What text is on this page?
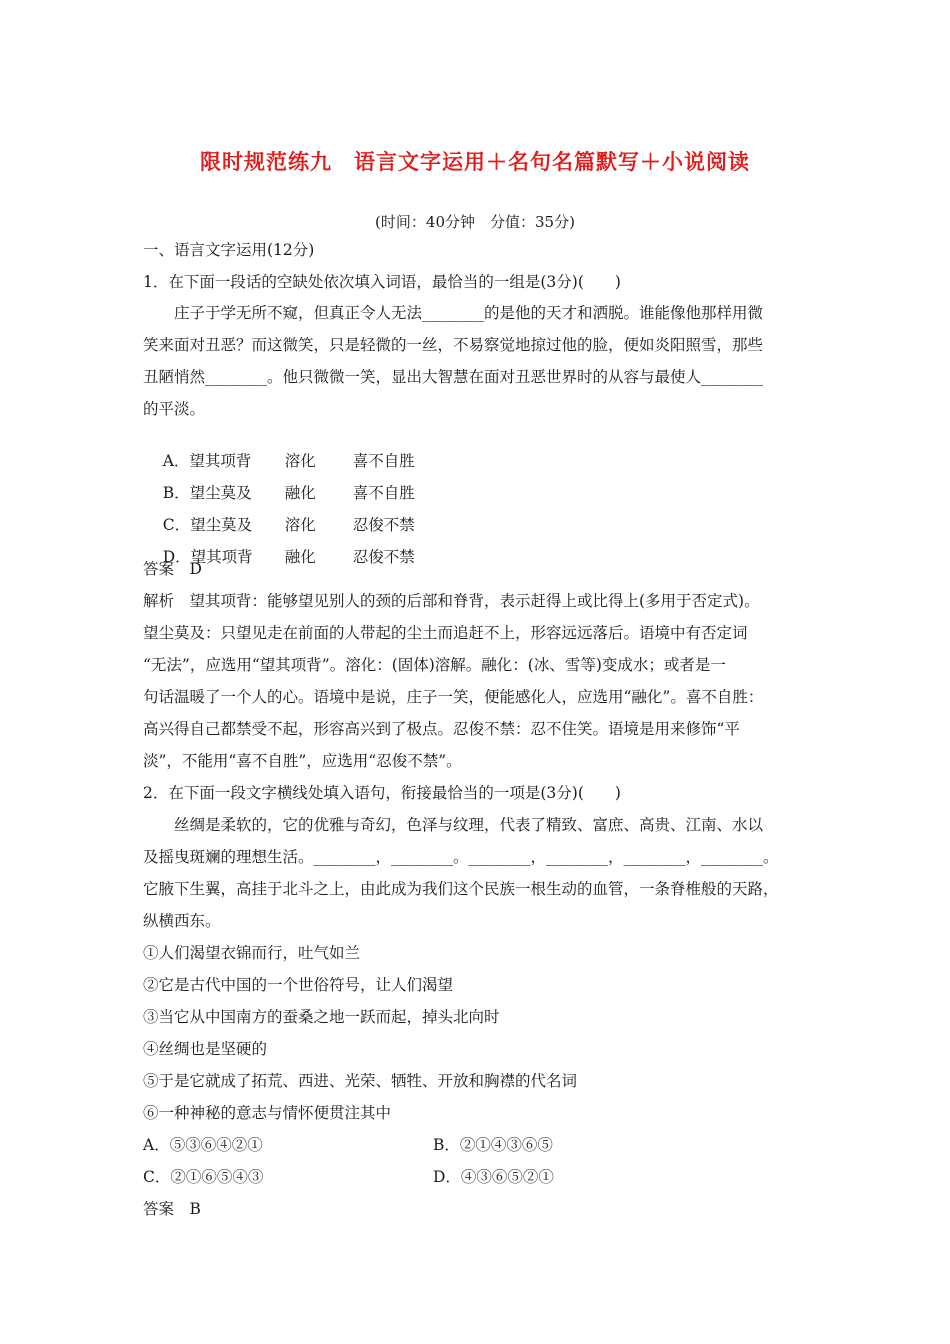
限时规范练九　语言文字运用＋名句名篇默写＋小说阅读
(时间：40分钟　分值：35分)
一、语言文字运用(12分)
1．在下面一段话的空缺处依次填入词语，最恰当的一组是(3分)(　　)
庄子于学无所不窥，但真正令人无法________的是他的天才和洒脱。谁能像他那样用微
笑来面对丑恶？而这微笑，只是轻微的一丝，不易察觉地掠过他的脸，便如炎阳照雪，那些
丑陋悄然________。他只微微一笑，显出大智慧在面对丑恶世界时的从容与最使人________
的平淡。

A．望其项背 溶化 喜不自胜

B．望尘莫及 融化 喜不自胜

C．望尘莫及 溶化 忍俊不禁

D．望其项背 融化 忍俊不禁

答案　D
解析　望其项背：能够望见别人的颈的后部和脊背，表示赶得上或比得上(多用于否定式)。
望尘莫及：只望见走在前面的人带起的尘土而追赶不上，形容远远落后。语境中有否定词
“无法”，应选用“望其项背”。溶化：(固体)溶解。融化：(冰、雪等)变成水；或者是一
句话温暖了一个人的心。语境中是说，庄子一笑，便能感化人，应选用“融化”。喜不自胜：
高兴得自己都禁受不起，形容高兴到了极点。忍俊不禁：忍不住笑。语境是用来修饰“平
淡”，不能用“喜不自胜”，应选用“忍俊不禁”。
2．在下面一段文字横线处填入语句，衔接最恰当的一项是(3分)(　　)
丝绸是柔软的，它的优雅与奇幻，色泽与纹理，代表了精致、富庶、高贵、江南、水以
及摇曳斑斓的理想生活。________，________。________，________，________，________。
它腋下生翼，高挂于北斗之上，由此成为我们这个民族一根生动的血管，一条脊椎般的天路，
纵横西东。
①人们渴望衣锦而行，吐气如兰
②它是古代中国的一个世俗符号，让人们渴望
③当它从中国南方的蚕桑之地一跃而起，掉头北向时
④丝绸也是坚硬的
⑤于是它就成了拓荒、西进、光荣、牺牲、开放和胸襟的代名词
⑥一种神秘的意志与情怀便贯注其中
A．⑤③⑥④②①	B．②①④③⑥⑤
C．②①⑥⑤④③	D．④③⑥⑤②①
答案　B
